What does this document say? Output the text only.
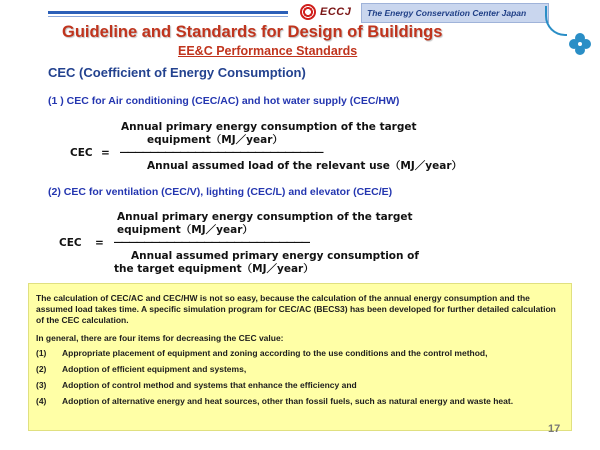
ECCJ	The Energy Conservation Center Japan
Guideline and Standards for Design of Buildings
EE&C Performance Standards
CEC (Coefficient of Energy Consumption)
(1 ) CEC for Air conditioning (CEC/AC) and hot water supply (CEC/HW)
Annual primary energy consumption of the target
equipment（MJ／year）
CEC = ―――――――――――――――――――――――――――
Annual assumed load of the relevant use（MJ／year）
(2) CEC for ventilation (CEC/V), lighting (CEC/L) and elevator (CEC/E)
Annual primary energy consumption of the target
equipment（MJ／year）
CEC = ――――――――――――――――――――――――――
Annual assumed primary energy consumption of
the target equipment（MJ／year）
The calculation of CEC/AC and CEC/HW is not so easy, because the calculation of the annual energy consumption and the assumed load takes time. A specific simulation program for CEC/AC (BECS3) has been developed for further detailed calculation of the CEC calculation.
In general, there are four items for decreasing the CEC value:
(1) Appropriate placement of equipment and zoning according to the use conditions and the control method,
(2) Adoption of efficient equipment and systems,
(3) Adoption of control method and systems that enhance the efficiency and
(4)	Adoption of alternative energy and heat sources, other than fossil fuels, such as natural energy and waste heat.
17
